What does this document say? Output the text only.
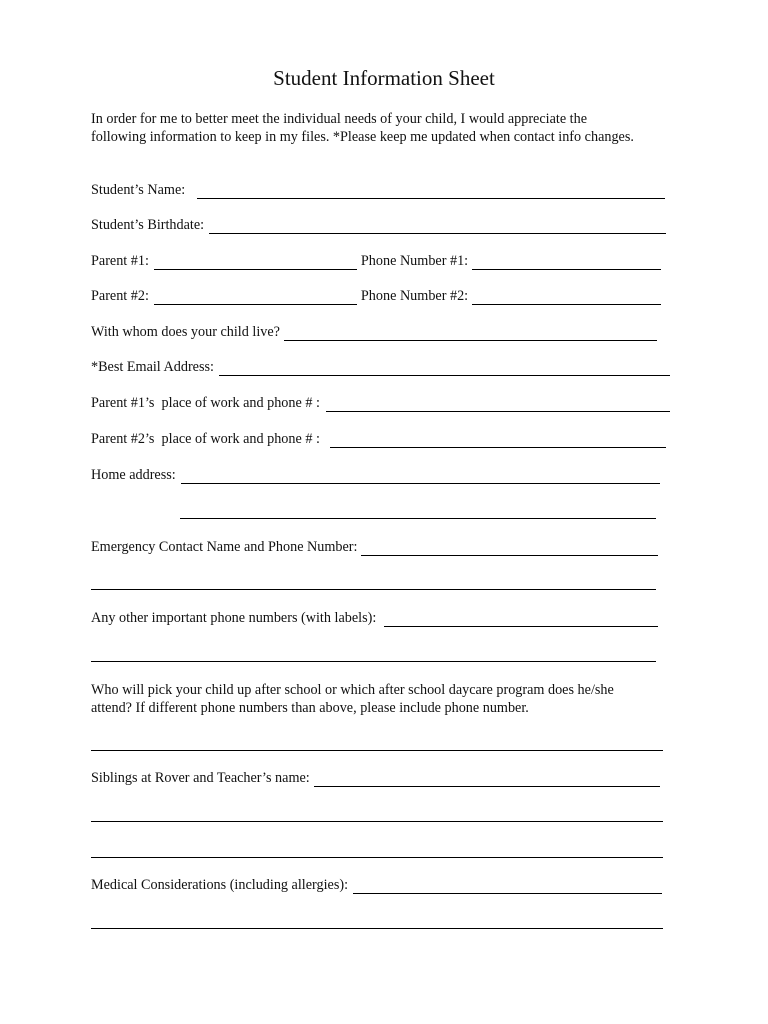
Student Information Sheet
In order for me to better meet the individual needs of your child, I would appreciate the
following information to keep in my files. *Please keep me updated when contact info changes.
Student’s Name:
Student’s Birthdate:
Parent #1:	Phone Number #1:
Parent #2:	Phone Number #2:
With whom does your child live?
*Best Email Address:
Parent #1’s  place of work and phone # :
Parent #2’s  place of work and phone # :
Home address:
Emergency Contact Name and Phone Number:
Any other important phone numbers (with labels):
Who will pick your child up after school or which after school daycare program does he/she
attend? If different phone numbers than above, please include phone number.
Siblings at Rover and Teacher’s name:
Medical Considerations (including allergies):
